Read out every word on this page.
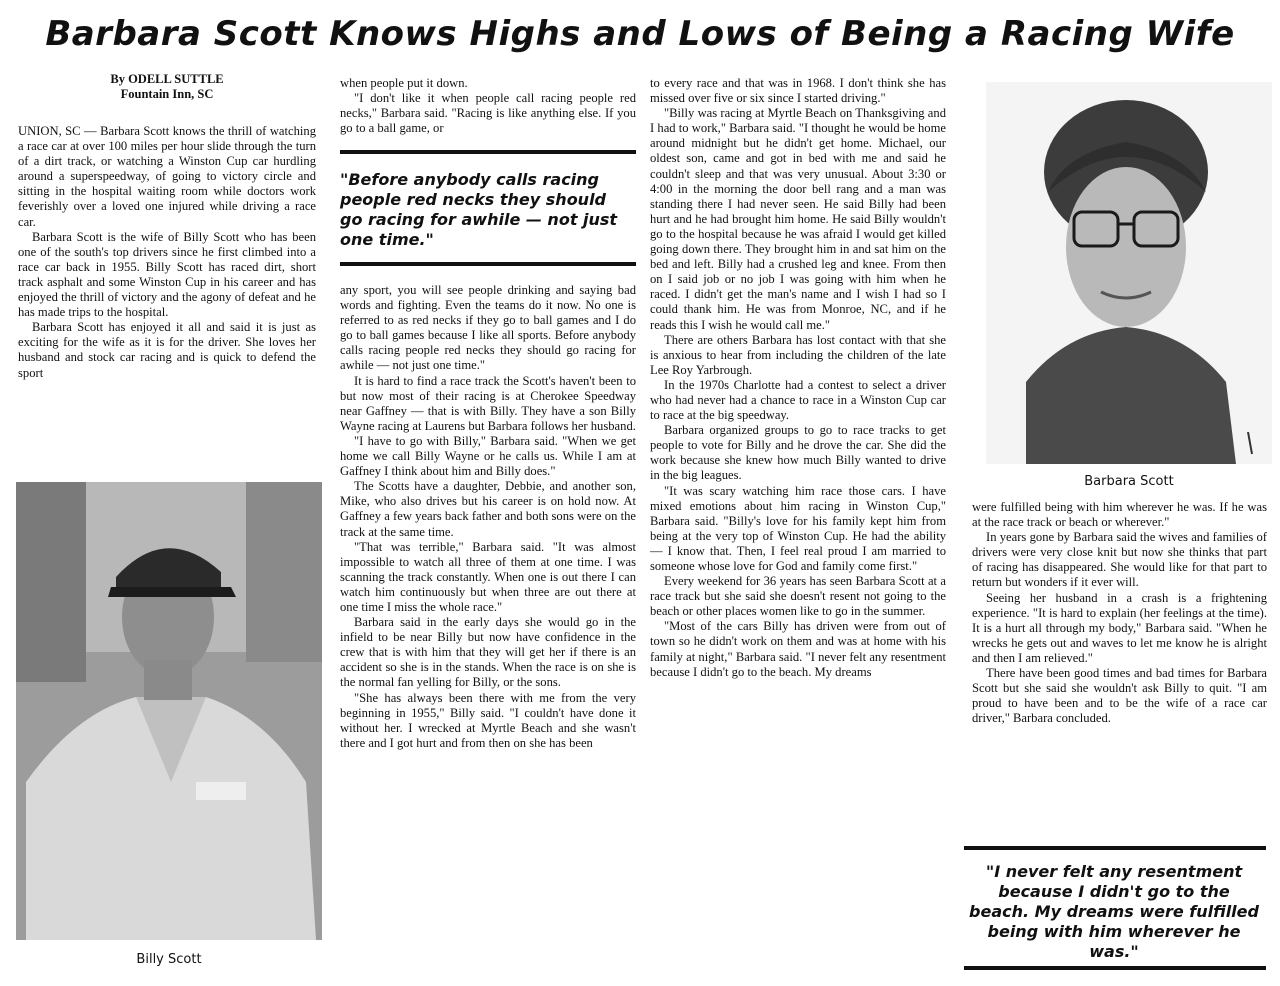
Barbara Scott Knows Highs and Lows of Being a Racing Wife
By ODELL SUTTLE
Fountain Inn, SC

UNION, SC — Barbara Scott knows the thrill of watching a race car at over 100 miles per hour slide through the turn of a dirt track, or watching a Winston Cup car hurdling around a superspeedway, of going to victory circle and sitting in the hospital waiting room while doctors work feverishly over a loved one injured while driving a race car.

Barbara Scott is the wife of Billy Scott who has been one of the south's top drivers since he first climbed into a race car back in 1955. Billy Scott has raced dirt, short track asphalt and some Winston Cup in his career and has enjoyed the thrill of victory and the agony of defeat and he has made trips to the hospital.

Barbara Scott has enjoyed it all and said it is just as exciting for the wife as it is for the driver. She loves her husband and stock car racing and is quick to defend the sport

Billy Scott

when people put it down.

"I don't like it when people call racing people red necks," Barbara said. "Racing is like anything else. If you go to a ball game, or

"Before anybody calls racing people red necks they should go racing for awhile — not just one time."

any sport, you will see people drinking and saying bad words and fighting. Even the teams do it now. No one is referred to as red necks if they go to ball games and I do go to ball games because I like all sports. Before anybody calls racing people red necks they should go racing for awhile — not just one time."

It is hard to find a race track the Scott's haven't been to but now most of their racing is at Cherokee Speedway near Gaffney — that is with Billy. They have a son Billy Wayne racing at Laurens but Barbara follows her husband.

"I have to go with Billy," Barbara said. "When we get home we call Billy Wayne or he calls us. While I am at Gaffney I think about him and Billy does."

The Scotts have a daughter, Debbie, and another son, Mike, who also drives but his career is on hold now. At Gaffney a few years back father and both sons were on the track at the same time.

"That was terrible," Barbara said. "It was almost impossible to watch all three of them at one time. I was scanning the track constantly. When one is out there I can watch him continuously but when three are out there at one time I miss the whole race."

Barbara said in the early days she would go in the infield to be near Billy but now have confidence in the crew that is with him that they will get her if there is an accident so she is in the stands. When the race is on she is the normal fan yelling for Billy, or the sons.

"She has always been there with me from the very beginning in 1955," Billy said. "I couldn't have done it without her. I wrecked at Myrtle Beach and she wasn't there and I got hurt and from then on she has been

to every race and that was in 1968. I don't think she has missed over five or six since I started driving."

"Billy was racing at Myrtle Beach on Thanksgiving and I had to work," Barbara said. "I thought he would be home around midnight but he didn't get home. Michael, our oldest son, came and got in bed with me and said he couldn't sleep and that was very unusual. About 3:30 or 4:00 in the morning the door bell rang and a man was standing there I had never seen. He said Billy had been hurt and he had brought him home. He said Billy wouldn't go to the hospital because he was afraid I would get killed going down there. They brought him in and sat him on the bed and left. Billy had a crushed leg and knee. From then on I said job or no job I was going with him when he raced. I didn't get the man's name and I wish I had so I could thank him. He was from Monroe, NC, and if he reads this I wish he would call me."

There are others Barbara has lost contact with that she is anxious to hear from including the children of the late Lee Roy Yarbrough.

In the 1970s Charlotte had a contest to select a driver who had never had a chance to race in a Winston Cup car to race at the big speedway.

Barbara organized groups to go to race tracks to get people to vote for Billy and he drove the car. She did the work because she knew how much Billy wanted to drive in the big leagues.

"It was scary watching him race those cars. I have mixed emotions about him racing in Winston Cup," Barbara said. "Billy's love for his family kept him from being at the very top of Winston Cup. He had the ability — I know that. Then, I feel real proud I am married to someone whose love for God and family come first."

Every weekend for 36 years has seen Barbara Scott at a race track but she said she doesn't resent not going to the beach or other places women like to go in the summer.

"Most of the cars Billy has driven were from out of town so he didn't work on them and was at home with his family at night," Barbara said. "I never felt any resentment because I didn't go to the beach. My dreams

Barbara Scott

were fulfilled being with him wherever he was. If he was at the race track or beach or wherever."

In years gone by Barbara said the wives and families of drivers were very close knit but now she thinks that part of racing has disappeared. She would like for that part to return but wonders if it ever will.

Seeing her husband in a crash is a frightening experience. "It is hard to explain (her feelings at the time). It is a hurt all through my body," Barbara said. "When he wrecks he gets out and waves to let me know he is alright and then I am relieved."

There have been good times and bad times for Barbara Scott but she said she wouldn't ask Billy to quit. "I am proud to have been and to be the wife of a race car driver," Barbara concluded.

"I never felt any resentment because I didn't go to the beach. My dreams were fulfilled being with him wherever he was."
